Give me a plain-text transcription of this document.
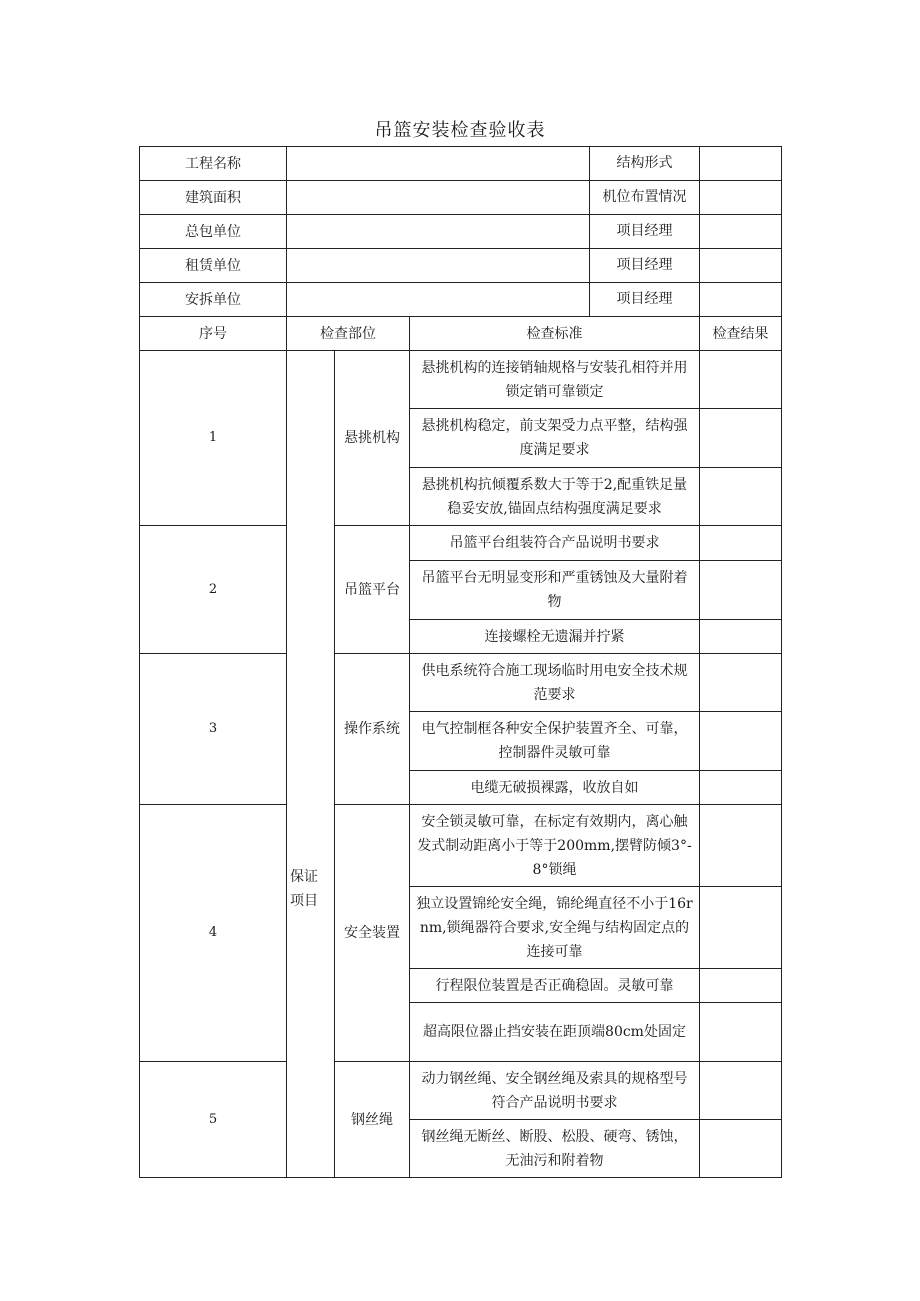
吊篮安装检查验收表
工程名称	结构形式			

建筑面积	机位布置情况			

总包单位	项目经理			

租赁单位	项目经理			

安拆单位	项目经理			

序号	检查部位		检查标准	检查结果
1	保证项目	悬挑机构	悬挑机构的连接销轴规格与安装孔相符并用锁定销可靠锁定	
			悬挑机构稳定，前支架受力点平整，结构强度满足要求	
			悬挑机构抗倾覆系数大于等于2,配重铁足量稳妥安放,锚固点结构强度满足要求	
2		吊篮平台	吊篮平台组装符合产品说明书要求	
			吊篮平台无明显变形和严重锈蚀及大量附着物	
			连接螺栓无遗漏并拧紧	
3		操作系统	供电系统符合施工现场临时用电安全技术规范要求	
			电气控制框各种安全保护装置齐全、可靠，控制器件灵敏可靠	
			电缆无破损裸露，收放自如	
4		安全装置	安全锁灵敏可靠，在标定有效期内，离心触发式制动距离小于等于200mm,摆臂防倾3°-8°锁绳	
			独立设置锦纶安全绳，锦纶绳直径不小于16rnm,锁绳器符合要求,安全绳与结构固定点的连接可靠	
			行程限位装置是否正确稳固。灵敏可靠	
			超高限位器止挡安装在距顶端80cm处固定	
5		钢丝绳	动力钢丝绳、安全钢丝绳及索具的规格型号符合产品说明书要求	
			钢丝绳无断丝、断股、松股、硬弯、锈蚀，无油污和附着物	
